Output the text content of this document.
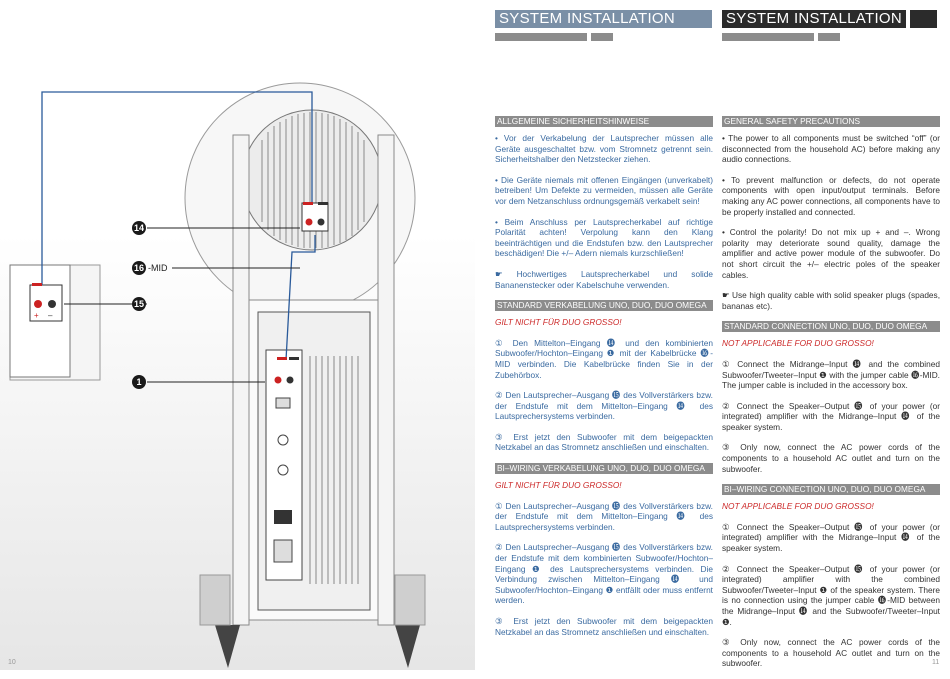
+ –
14
16 -MID
15
1
10
SYSTEM INSTALLATION	SYSTEM INSTALLATION
ALLGEMEINE SICHERHEITSHINWEISE

• Vor der Verkabelung der Lautsprecher müssen alle Geräte ausgeschaltet bzw. vom Stromnetz getrennt sein. Sicherheitshalber den Netzstecker ziehen.

• Die Geräte niemals mit offenen Eingängen (unverkabelt) betreiben! Um Defekte zu vermeiden, müssen alle Geräte vor dem Netzanschluss ordnungsgemäß verkabelt sein!

• Beim Anschluss per Lautsprecherkabel auf richtige Polarität achten! Verpolung kann den Klang beeinträchtigen und die Endstufen bzw. den Lautsprecher beschädigen! Die +/– Adern niemals kurzschließen!

☛ Hochwertiges Lautsprecherkabel und solide Bananenstecker oder Kabelschuhe verwenden.

STANDARD VERKABELUNG UNO, DUO, DUO OMEGA
GILT NICHT FÜR DUO GROSSO!

① Den Mittelton–Eingang ⓮ und den kombinierten Subwoofer/Hochton–Eingang ❶ mit der Kabelbrücke ⓰-MID verbinden. Die Kabelbrücke finden Sie in der Zubehörbox.

② Den Lautsprecher–Ausgang ⓯ des Vollverstärkers bzw. der Endstufe mit dem Mittelton–Eingang ⓮ des Lautsprechersystems verbinden.

③ Erst jetzt den Subwoofer mit dem beigepackten Netzkabel an das Stromnetz anschließen und einschalten.

BI–WIRING VERKABELUNG UNO, DUO, DUO OMEGA
GILT NICHT FÜR DUO GROSSO!

① Den Lautsprecher–Ausgang ⓯ des Vollverstärkers bzw. der Endstufe mit dem Mittelton–Eingang ⓮ des Lautsprechersystems verbinden.

② Den Lautsprecher–Ausgang ⓯ des Vollverstärkers bzw. der Endstufe mit dem kombinierten Subwoofer/Hochton–Eingang ❶ des Lautsprechersystems verbinden. Die Verbindung zwischen Mittelton–Eingang ⓮ und Subwoofer/Hochton–Eingang ❶ entfällt oder muss entfernt werden.

③ Erst jetzt den Subwoofer mit dem beigepackten Netzkabel an das Stromnetz anschließen und einschalten.

GENERAL SAFETY PRECAUTIONS

• The power to all components must be switched “off” (or disconnected from the household AC) before making any audio connections.

• To prevent malfunction or defects, do not operate components with open input/output terminals. Before making any AC power connections, all components have to be properly installed and connected.

• Control the polarity! Do not mix up + and –. Wrong polarity may deteriorate sound quality, damage the amplifier and active power module of the subwoofer. Do not short circuit the +/– electric poles of the speaker cables.

☛ Use high quality cable with solid speaker plugs (spades, bananas etc).

STANDARD CONNECTION UNO, DUO, DUO OMEGA
NOT APPLICABLE FOR DUO GROSSO!

① Connect the Midrange–Input ⓮ and the combined Subwoofer/Tweeter–Input ❶ with the jumper cable ⓰-MID. The jumper cable is included in the accessory box.

② Connect the Speaker–Output ⓯ of your power (or integrated) amplifier with the Midrange–Input ⓮ of the speaker system.

③ Only now, connect the AC power cords of the components to a household AC outlet and turn on the subwoofer.

BI–WIRING CONNECTION UNO, DUO, DUO OMEGA
NOT APPLICABLE FOR DUO GROSSO!

① Connect the Speaker–Output ⓯ of your power (or integrated) amplifier with the Midrange–Input ⓮ of the speaker system.

② Connect the Speaker–Output ⓯ of your power (or integrated) amplifier with the combined Subwoofer/Tweeter–Input ❶ of the speaker system. There is no connection using the jumper cable ⓰-MID between the Midrange–Input ⓮ and the Subwoofer/Tweeter–Input ❶.

③ Only now, connect the AC power cords of the components to a household AC outlet and turn on the subwoofer.	11
